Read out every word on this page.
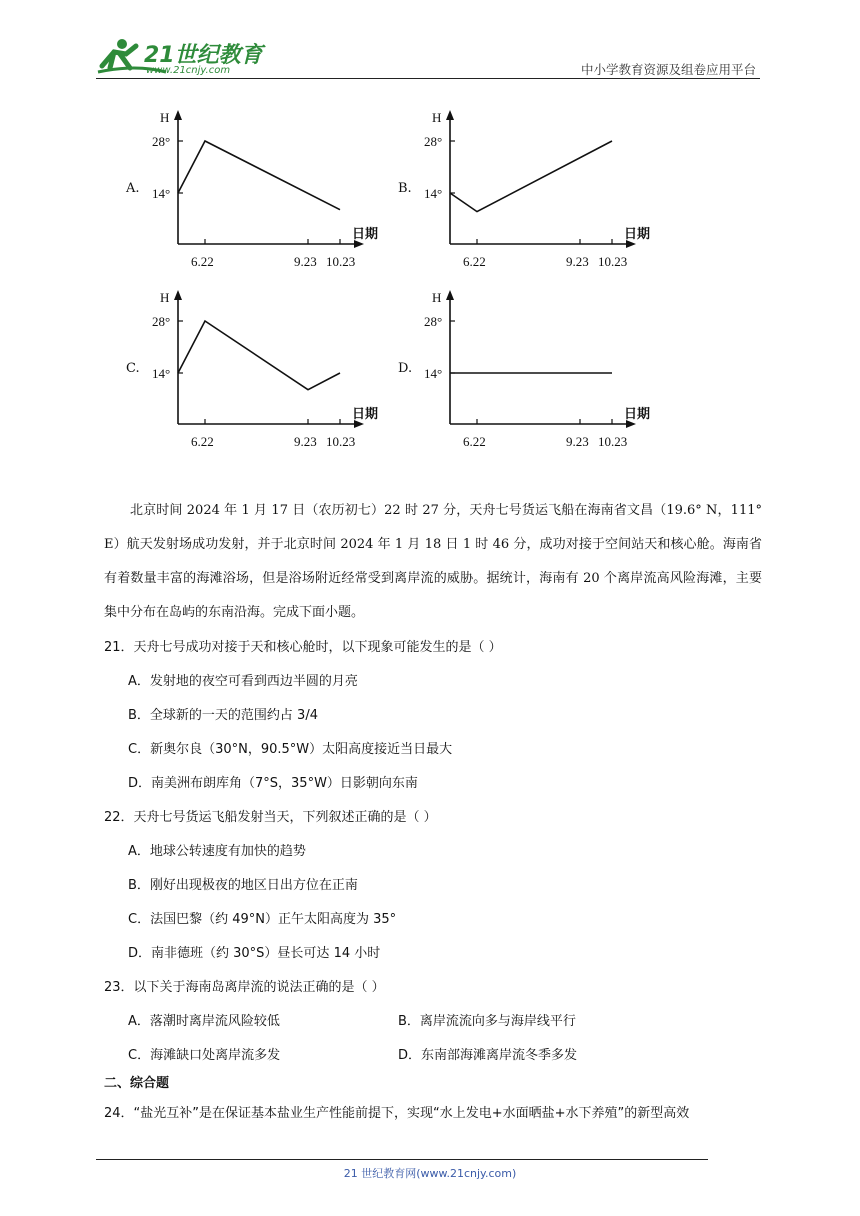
21世纪教育
www.21cnjy.com	中小学教育资源及组卷应用平台
H
日期
28°
14°
6.22	9.23 10.23
A.
H
日期
28°
14°
6.22	9.23 10.23
B.
H
日期
28°
14°
6.22	9.23 10.23
C.
H
日期
28°
14°
6.22	9.23 10.23
D.
北京时间 2024 年 1 月 17 日（农历初七）22 时 27 分，天舟七号货运飞船在海南省文昌（19.6° N，111° E）航天发射场成功发射，并于北京时间 2024 年 1 月 18 日 1 时 46 分，成功对接于空间站天和核心舱。海南省有着数量丰富的海滩浴场，但是浴场附近经常受到离岸流的威胁。据统计，海南有 20 个离岸流高风险海滩，主要集中分布在岛屿的东南沿海。完成下面小题。
21．天舟七号成功对接于天和核心舱时，以下现象可能发生的是（ ）
A．发射地的夜空可看到西边半圆的月亮
B．全球新的一天的范围约占 3/4
C．新奥尔良（30°N，90.5°W）太阳高度接近当日最大
D．南美洲布朗库角（7°S，35°W）日影朝向东南
22．天舟七号货运飞船发射当天，下列叙述正确的是（ ）
A．地球公转速度有加快的趋势
B．刚好出现极夜的地区日出方位在正南
C．法国巴黎（约 49°N）正午太阳高度为 35°
D．南非德班（约 30°S）昼长可达 14 小时
23．以下关于海南岛离岸流的说法正确的是（ ）
A．落潮时离岸流风险较低	B．离岸流流向多与海岸线平行
C．海滩缺口处离岸流多发	D．东南部海滩离岸流冬季多发
二、综合题
24．“盐光互补”是在保证基本盐业生产性能前提下，实现“水上发电+水面晒盐+水下养殖”的新型高效
21 世纪教育网(www.21cnjy.com)
